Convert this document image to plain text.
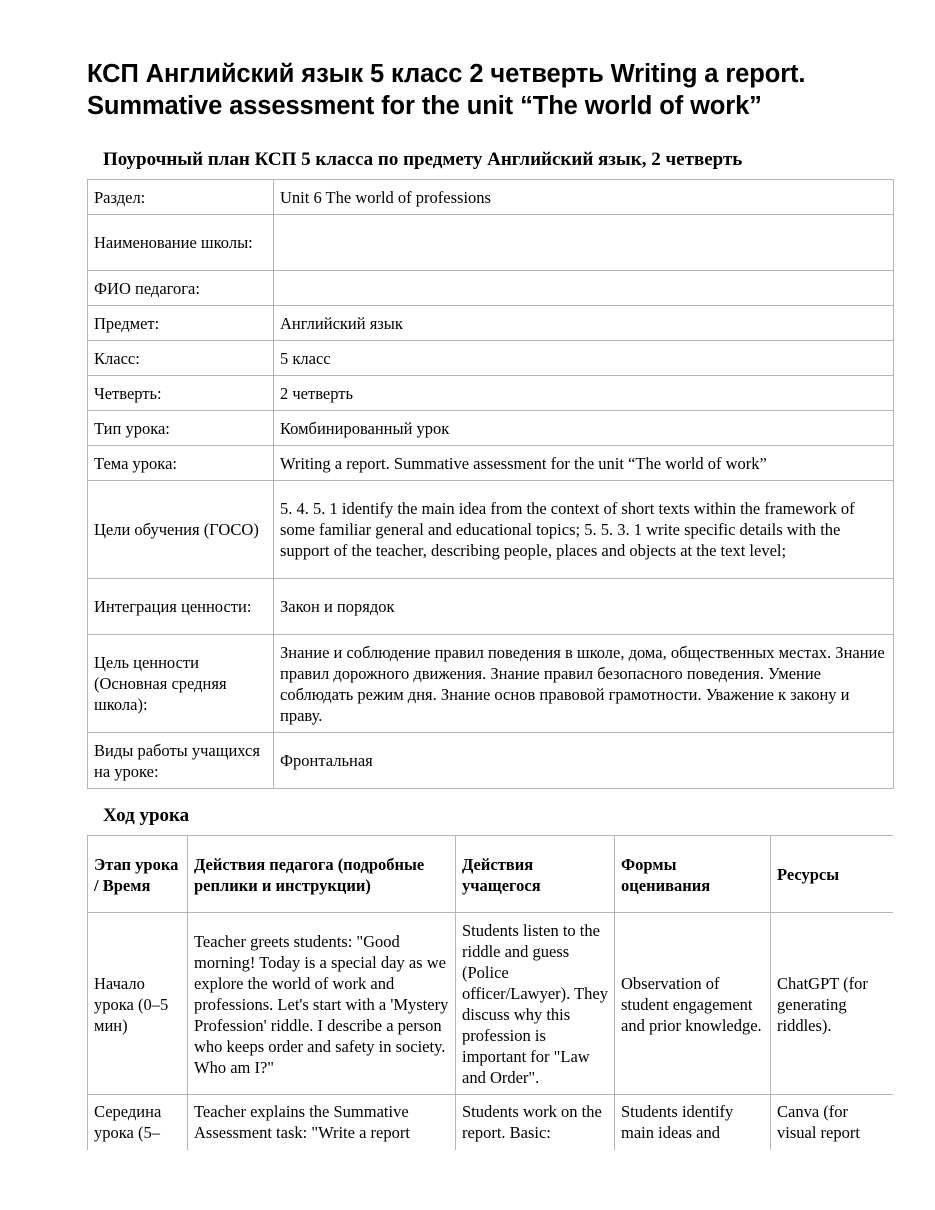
КСП Английский язык 5 класс 2 четверть Writing a report.
Summative assessment for the unit “The world of work”
Поурочный план КСП 5 класса по предмету Английский язык, 2 четверть
Раздел:	Unit 6 The world of professions
Наименование школы:	
ФИО педагога:	
Предмет:	Английский язык
Класс:	5 класс
Четверть:	2 четверть
Тип урока:	Комбинированный урок
Тема урока:	Writing a report. Summative assessment for the unit “The world of work”
Цели обучения (ГОСО)	5. 4. 5. 1 identify the main idea from the context of short texts within the framework of some familiar general and educational topics; 5. 5. 3. 1 write specific details with the support of the teacher, describing people, places and objects at the text level;
Интеграция ценности:	Закон и порядок
Цель ценности (Основная средняя школа):	Знание и соблюдение правил поведения в школе, дома, общественных местах. Знание правил дорожного движения. Знание правил безопасного поведения. Умение соблюдать режим дня. Знание основ правовой грамотности. Уважение к закону и праву.
Виды работы учащихся на уроке:	Фронтальная
Ход урока
Этап урока / Время	Действия педагога (подробные реплики и инструкции)	Действия учащегося	Формы оценивания	Ресурсы
Начало урока (0–5 мин)	Teacher greets students: "Good morning! Today is a special day as we explore the world of work and professions. Let's start with a 'Mystery Profession' riddle. I describe a person who keeps order and safety in society. Who am I?"	Students listen to the riddle and guess (Police officer/Lawyer). They discuss why this profession is important for "Law and Order".	Observation of student engagement and prior knowledge.	ChatGPT (for generating riddles).
Середина урока (5–	Teacher explains the Summative Assessment task: "Write a report	Students work on the report. Basic:	Students identify main ideas and	Canva (for visual report
